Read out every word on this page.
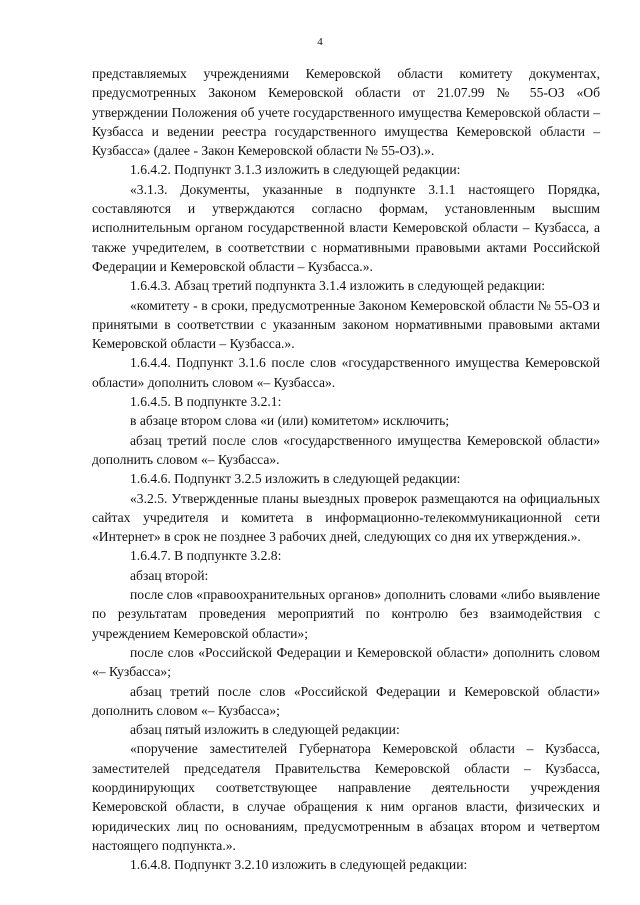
4

представляемых учреждениями Кемеровской области комитету документах, предусмотренных Законом Кемеровской области от 21.07.99 № 55-ОЗ «Об утверждении Положения об учете государственного имущества Кемеровской области – Кузбасса и ведении реестра государственного имущества Кемеровской области – Кузбасса» (далее - Закон Кемеровской области № 55-ОЗ).».

1.6.4.2. Подпункт 3.1.3 изложить в следующей редакции:

«3.1.3. Документы, указанные в подпункте 3.1.1 настоящего Порядка, составляются и утверждаются согласно формам, установленным высшим исполнительным органом государственной власти Кемеровской области – Кузбасса, а также учредителем, в соответствии с нормативными правовыми актами Российской Федерации и Кемеровской области – Кузбасса.».

1.6.4.3. Абзац третий подпункта 3.1.4 изложить в следующей редакции:

«комитету - в сроки, предусмотренные Законом Кемеровской области № 55-ОЗ и принятыми в соответствии с указанным законом нормативными правовыми актами Кемеровской области – Кузбасса.».

1.6.4.4. Подпункт 3.1.6 после слов «государственного имущества Кемеровской области» дополнить словом «– Кузбасса».

1.6.4.5. В подпункте 3.2.1:

в абзаце втором слова «и (или) комитетом» исключить;

абзац третий после слов «государственного имущества Кемеровской области» дополнить словом «– Кузбасса».

1.6.4.6. Подпункт 3.2.5 изложить в следующей редакции:

«3.2.5. Утвержденные планы выездных проверок размещаются на официальных сайтах учредителя и комитета в информационно-телекоммуникационной сети «Интернет» в срок не позднее 3 рабочих дней, следующих со дня их утверждения.».

1.6.4.7. В подпункте 3.2.8:

абзац второй:

после слов «правоохранительных органов» дополнить словами «либо выявление по результатам проведения мероприятий по контролю без взаимодействия с учреждением Кемеровской области»;

после слов «Российской Федерации и Кемеровской области» дополнить словом «– Кузбасса»;

абзац третий после слов «Российской Федерации и Кемеровской области» дополнить словом «– Кузбасса»;

абзац пятый изложить в следующей редакции:

«поручение заместителей Губернатора Кемеровской области – Кузбасса, заместителей председателя Правительства Кемеровской области – Кузбасса, координирующих соответствующее направление деятельности учреждения Кемеровской области, в случае обращения к ним органов власти, физических и юридических лиц по основаниям, предусмотренным в абзацах втором и четвертом настоящего подпункта.».

1.6.4.8. Подпункт 3.2.10 изложить в следующей редакции:
